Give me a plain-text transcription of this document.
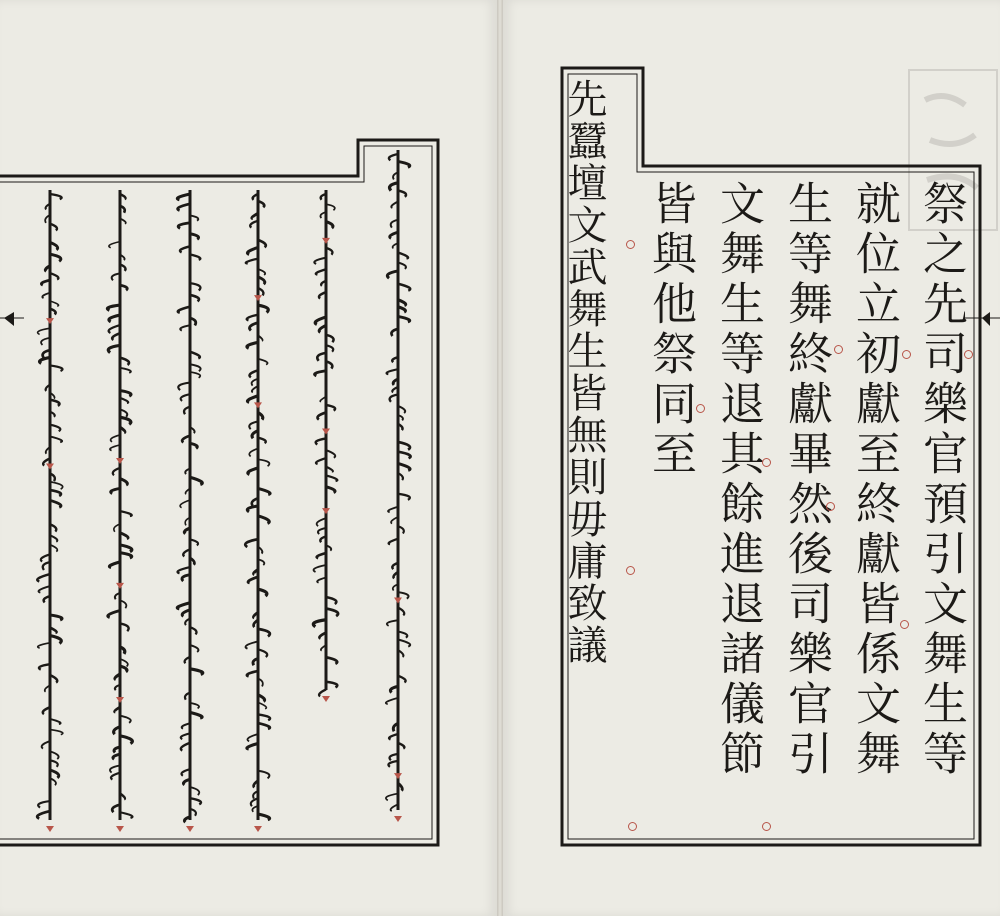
先蠶壇文武舞生皆無則毋庸致議	祭之先司樂官預引文舞生等
就位立初獻至終獻皆係文舞
生等舞終獻畢然後司樂官引
文舞生等退其餘進退諸儀節
皆與他祭同至
